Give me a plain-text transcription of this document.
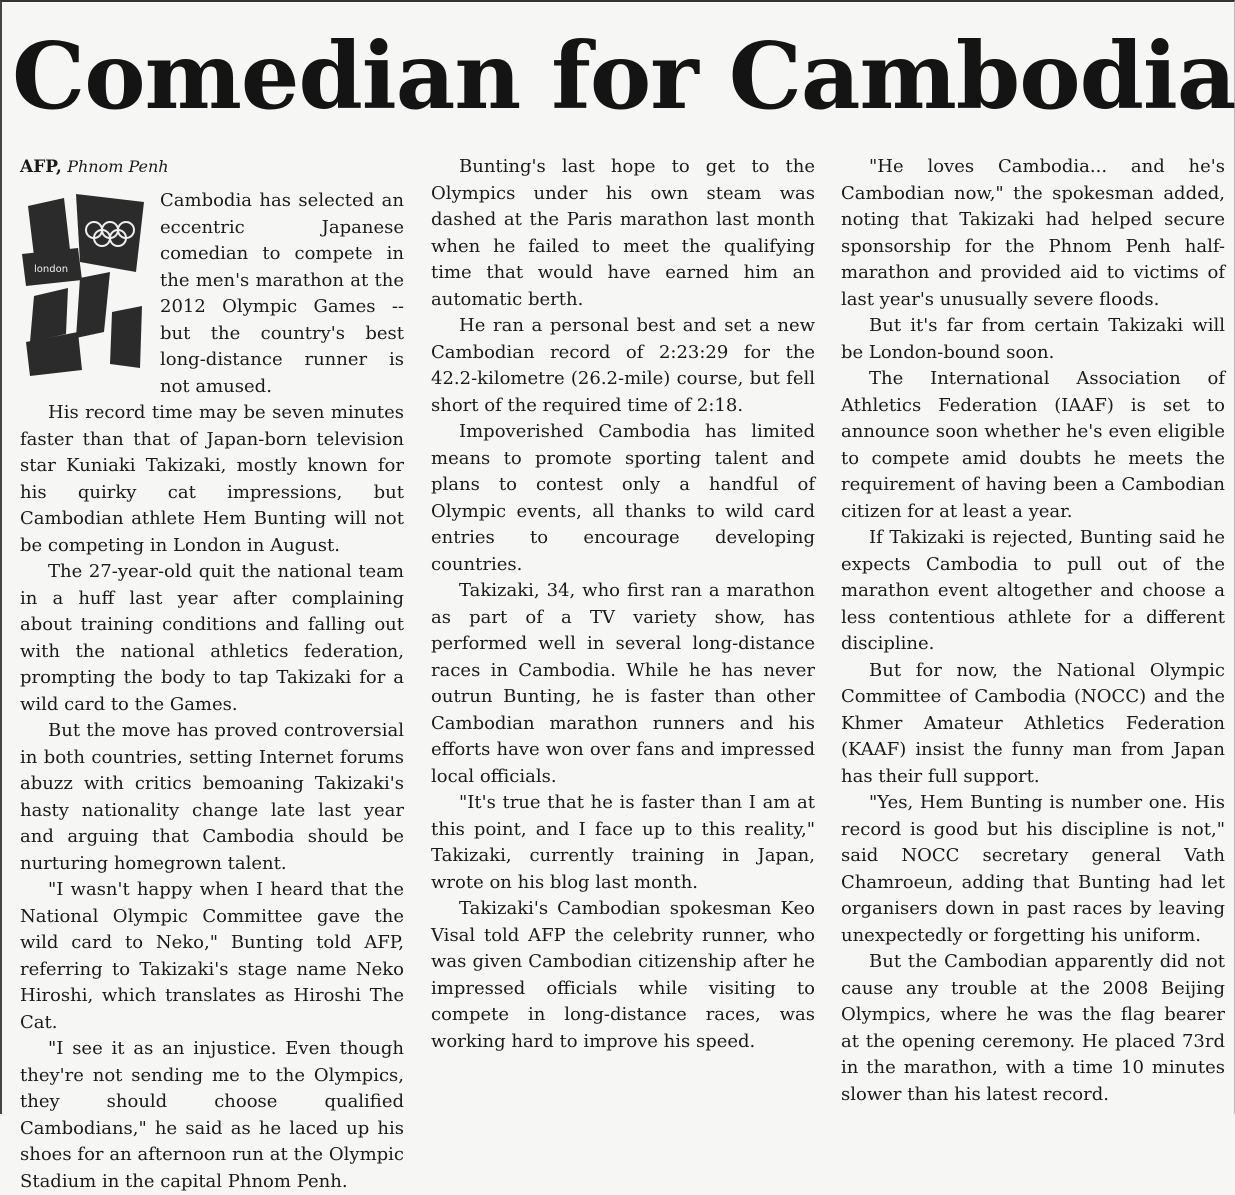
Comedian for Cambodia
AFP, Phnom Penh
london

Cambodia has selected an eccentric Japanese comedian to compete in the men's marathon at the 2012 Olympic Games -- but the country's best long-distance runner is not amused.

His record time may be seven minutes faster than that of Japan-born television star Kuniaki Takizaki, mostly known for his quirky cat impressions, but Cambodian athlete Hem Bunting will not be competing in London in August.

The 27-year-old quit the national team in a huff last year after complaining about training conditions and falling out with the national athletics federation, prompting the body to tap Takizaki for a wild card to the Games.

But the move has proved controversial in both countries, setting Internet forums abuzz with critics bemoaning Takizaki's hasty nationality change late last year and arguing that Cambodia should be nurturing homegrown talent.

"I wasn't happy when I heard that the National Olympic Committee gave the wild card to Neko," Bunting told AFP, referring to Takizaki's stage name Neko Hiroshi, which translates as Hiroshi The Cat.

"I see it as an injustice. Even though they're not sending me to the Olympics, they should choose qualified Cambodians," he said as he laced up his shoes for an afternoon run at the Olympic Stadium in the capital Phnom Penh.

Bunting's last hope to get to the Olympics under his own steam was dashed at the Paris marathon last month when he failed to meet the qualifying time that would have earned him an automatic berth.

He ran a personal best and set a new Cambodian record of 2:23:29 for the 42.2-kilometre (26.2-mile) course, but fell short of the required time of 2:18.

Impoverished Cambodia has limited means to promote sporting talent and plans to contest only a handful of Olympic events, all thanks to wild card entries to encourage developing countries.

Takizaki, 34, who first ran a marathon as part of a TV variety show, has performed well in several long-distance races in Cambodia. While he has never outrun Bunting, he is faster than other Cambodian marathon runners and his efforts have won over fans and impressed local officials.

"It's true that he is faster than I am at this point, and I face up to this reality," Takizaki, currently training in Japan, wrote on his blog last month.

Takizaki's Cambodian spokesman Keo Visal told AFP the celebrity runner, who was given Cambodian citizenship after he impressed officials while visiting to compete in long-distance races, was working hard to improve his speed.

"He loves Cambodia... and he's Cambodian now," the spokesman added, noting that Takizaki had helped secure sponsorship for the Phnom Penh half-marathon and provided aid to victims of last year's unusually severe floods.

But it's far from certain Takizaki will be London-bound soon.

The International Association of Athletics Federation (IAAF) is set to announce soon whether he's even eligible to compete amid doubts he meets the requirement of having been a Cambodian citizen for at least a year.

If Takizaki is rejected, Bunting said he expects Cambodia to pull out of the marathon event altogether and choose a less contentious athlete for a different discipline.

But for now, the National Olympic Committee of Cambodia (NOCC) and the Khmer Amateur Athletics Federation (KAAF) insist the funny man from Japan has their full support.

"Yes, Hem Bunting is number one. His record is good but his discipline is not," said NOCC secretary general Vath Chamroeun, adding that Bunting had let organisers down in past races by leaving unexpectedly or forgetting his uniform.

But the Cambodian apparently did not cause any trouble at the 2008 Beijing Olympics, where he was the flag bearer at the opening ceremony. He placed 73rd in the marathon, with a time 10 minutes slower than his latest record.
